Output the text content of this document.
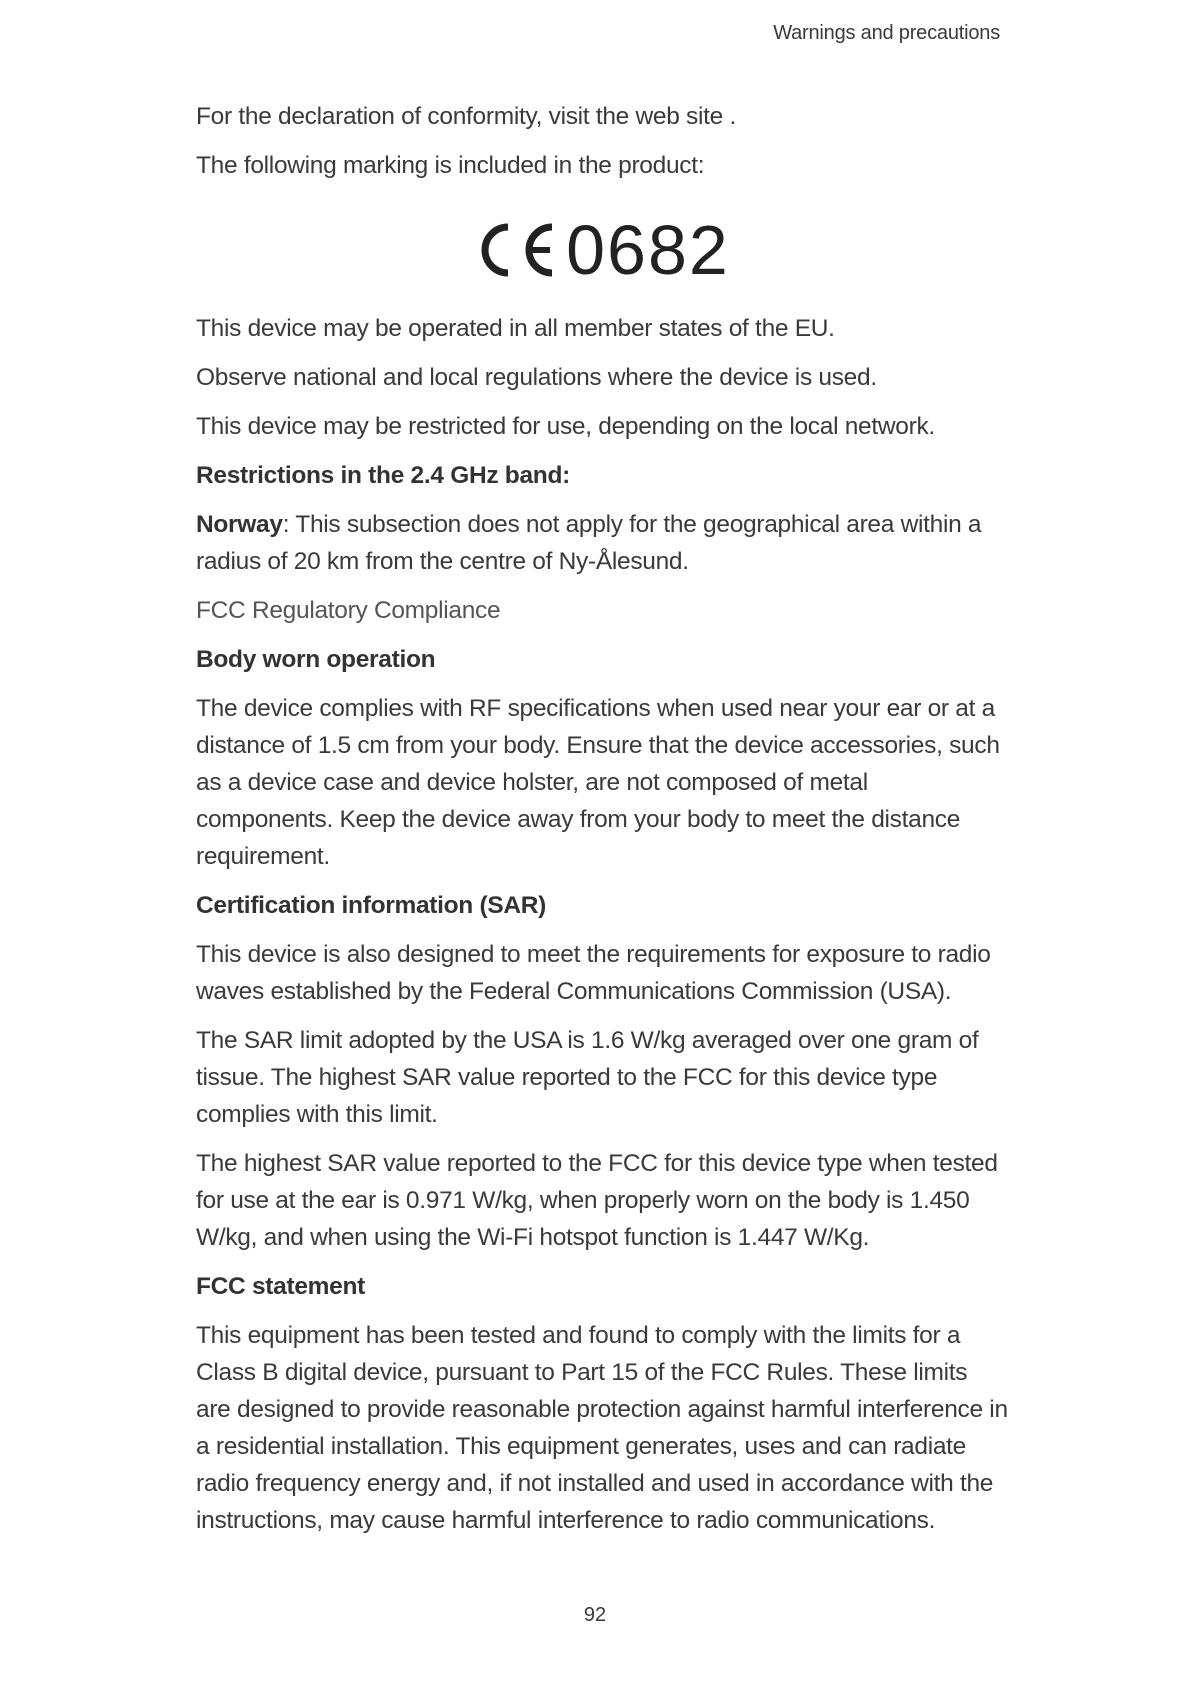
Warnings and precautions

For the declaration of conformity, visit the web site .

The following marking is included in the product:

0682

This device may be operated in all member states of the EU.

Observe national and local regulations where the device is used.

This device may be restricted for use, depending on the local network.

Restrictions in the 2.4 GHz band:

Norway: This subsection does not apply for the geographical area within a radius of 20 km from the centre of Ny-Ålesund.

FCC Regulatory Compliance

Body worn operation

The device complies with RF specifications when used near your ear or at a distance of 1.5 cm from your body. Ensure that the device accessories, such as a device case and device holster, are not composed of metal components. Keep the device away from your body to meet the distance requirement.

Certification information (SAR)

This device is also designed to meet the requirements for exposure to radio waves established by the Federal Communications Commission (USA).

The SAR limit adopted by the USA is 1.6 W/kg averaged over one gram of tissue. The highest SAR value reported to the FCC for this device type complies with this limit.

The highest SAR value reported to the FCC for this device type when tested for use at the ear is 0.971 W/kg, when properly worn on the body is 1.450 W/kg, and when using the Wi-Fi hotspot function is 1.447 W/Kg.

FCC statement

This equipment has been tested and found to comply with the limits for a Class B digital device, pursuant to Part 15 of the FCC Rules. These limits are designed to provide reasonable protection against harmful interference in a residential installation. This equipment generates, uses and can radiate radio frequency energy and, if not installed and used in accordance with the instructions, may cause harmful interference to radio communications.

92
